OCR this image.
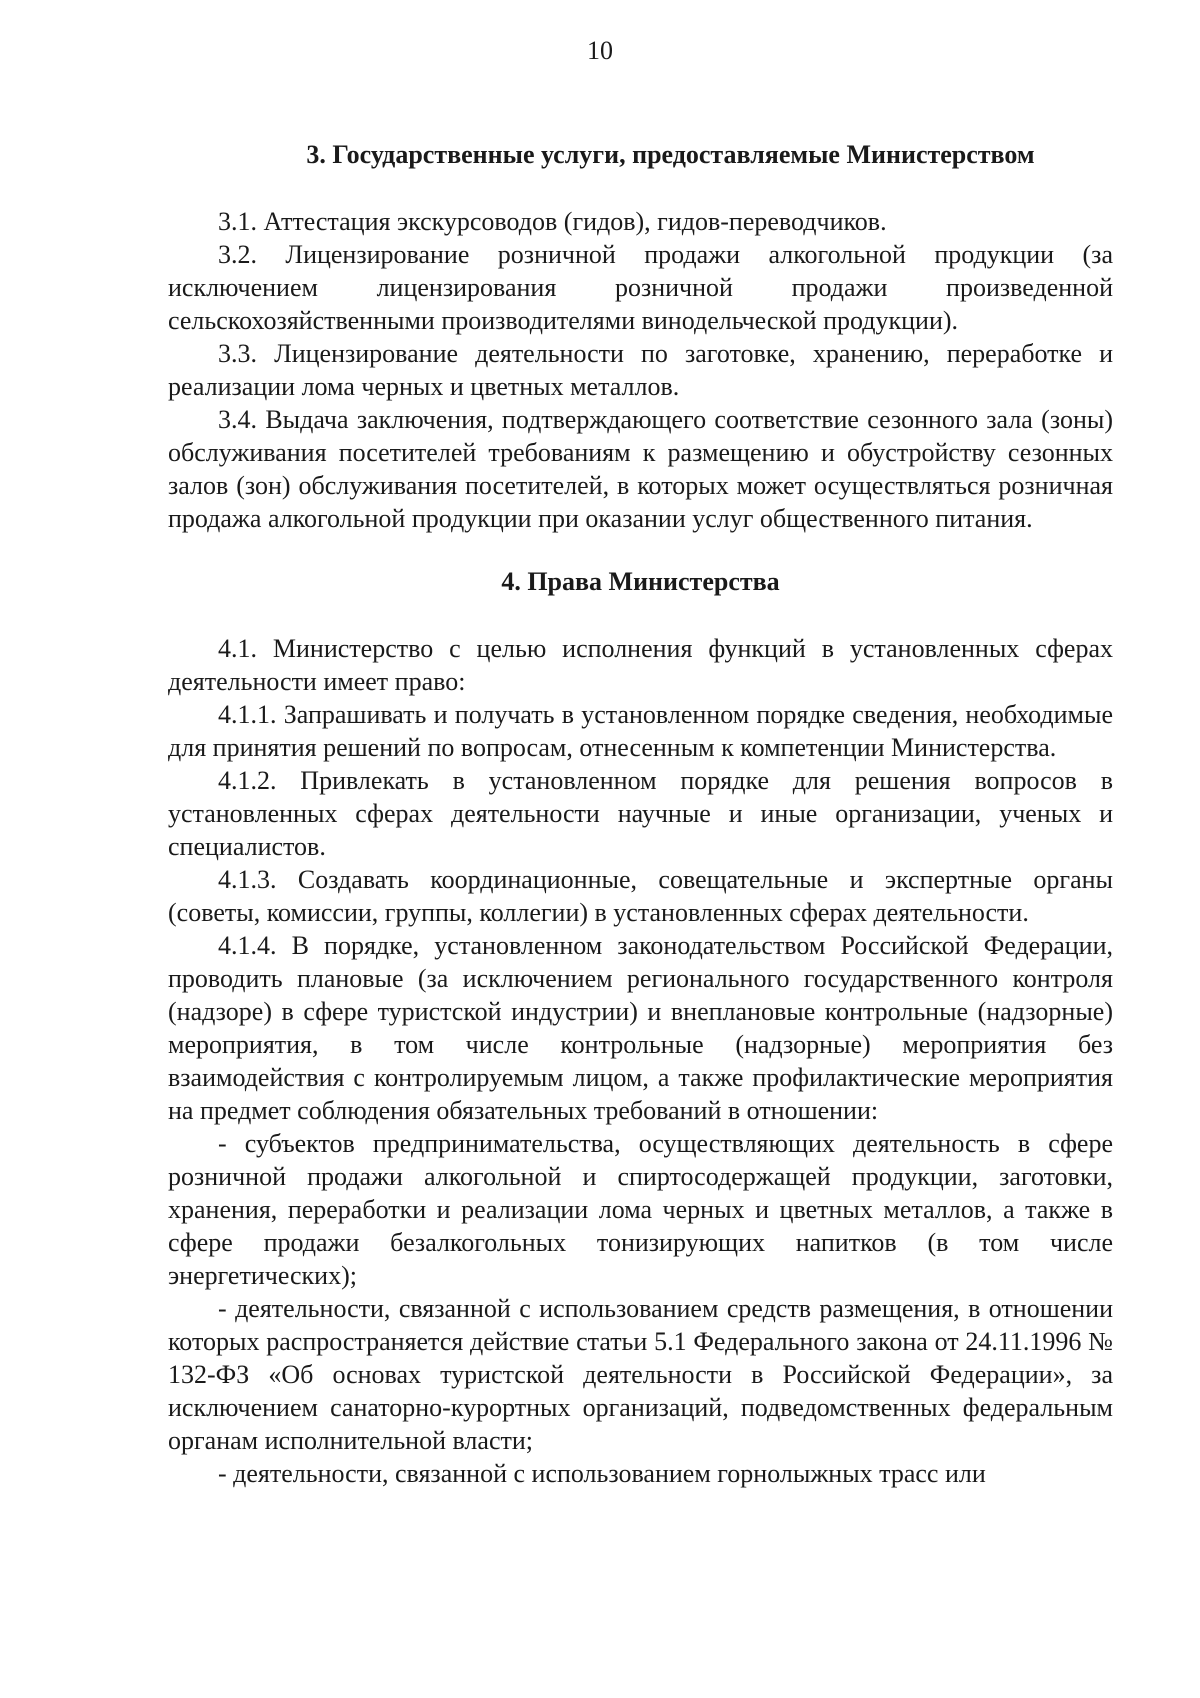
10

3. Государственные услуги, предоставляемые Министерством

3.1. Аттестация экскурсоводов (гидов), гидов-переводчиков.

3.2. Лицензирование розничной продажи алкогольной продукции (за исключением лицензирования розничной продажи произведенной сельскохозяйственными производителями винодельческой продукции).

3.3. Лицензирование деятельности по заготовке, хранению, переработке и реализации лома черных и цветных металлов.

3.4. Выдача заключения, подтверждающего соответствие сезонного зала (зоны) обслуживания посетителей требованиям к размещению и обустройству сезонных залов (зон) обслуживания посетителей, в которых может осуществляться розничная продажа алкогольной продукции при оказании услуг общественного питания.

4. Права Министерства

4.1. Министерство с целью исполнения функций в установленных сферах деятельности имеет право:

4.1.1. Запрашивать и получать в установленном порядке сведения, необходимые для принятия решений по вопросам, отнесенным к компетенции Министерства.

4.1.2. Привлекать в установленном порядке для решения вопросов в установленных сферах деятельности научные и иные организации, ученых и специалистов.

4.1.3. Создавать координационные, совещательные и экспертные органы (советы, комиссии, группы, коллегии) в установленных сферах деятельности.

4.1.4. В порядке, установленном законодательством Российской Федерации, проводить плановые (за исключением регионального государственного контроля (надзоре) в сфере туристской индустрии) и внеплановые контрольные (надзорные) мероприятия, в том числе контрольные (надзорные) мероприятия без взаимодействия с контролируемым лицом, а также профилактические мероприятия на предмет соблюдения обязательных требований в отношении:

- субъектов предпринимательства, осуществляющих деятельность в сфере розничной продажи алкогольной и спиртосодержащей продукции, заготовки, хранения, переработки и реализации лома черных и цветных металлов, а также в сфере продажи безалкогольных тонизирующих напитков (в том числе энергетических);

- деятельности, связанной с использованием средств размещения, в отношении которых распространяется действие статьи 5.1 Федерального закона от 24.11.1996 № 132-ФЗ «Об основах туристской деятельности в Российской Федерации», за исключением санаторно-курортных организаций, подведомственных федеральным органам исполнительной власти;

- деятельности, связанной с использованием горнолыжных трасс или
